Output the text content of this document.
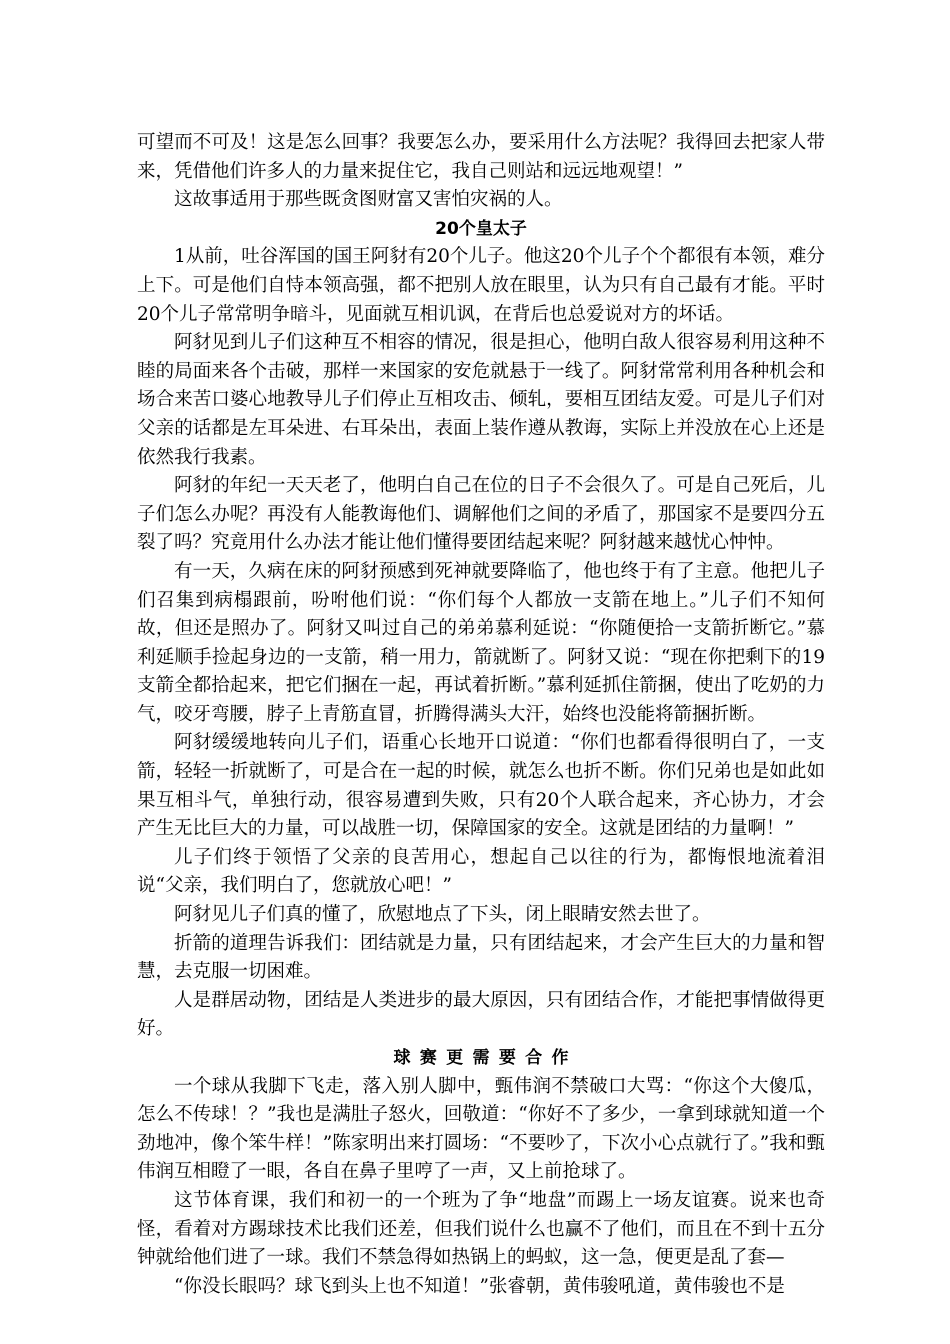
可望而不可及！这是怎么回事？我要怎么办，要采用什么方法呢？我得回去把家人带来，凭借他们许多人的力量来捉住它，我自己则站和远远地观望！”

这故事适用于那些既贪图财富又害怕灾祸的人。

20个皇太子

1从前，吐谷浑国的国王阿豺有20个儿子。他这20个儿子个个都很有本领，难分上下。可是他们自恃本领高强，都不把别人放在眼里，认为只有自己最有才能。平时20个儿子常常明争暗斗，见面就互相讥讽，在背后也总爱说对方的坏话。

阿豺见到儿子们这种互不相容的情况，很是担心，他明白敌人很容易利用这种不睦的局面来各个击破，那样一来国家的安危就悬于一线了。阿豺常常利用各种机会和场合来苦口婆心地教导儿子们停止互相攻击、倾轧，要相互团结友爱。可是儿子们对父亲的话都是左耳朵进、右耳朵出，表面上装作遵从教诲，实际上并没放在心上还是依然我行我素。

阿豺的年纪一天天老了，他明白自己在位的日子不会很久了。可是自己死后，儿子们怎么办呢？再没有人能教诲他们、调解他们之间的矛盾了，那国家不是要四分五裂了吗？究竟用什么办法才能让他们懂得要团结起来呢？阿豺越来越忧心忡忡。

有一天，久病在床的阿豺预感到死神就要降临了，他也终于有了主意。他把儿子们召集到病榻跟前，吩咐他们说：“你们每个人都放一支箭在地上。”儿子们不知何故，但还是照办了。阿豺又叫过自己的弟弟慕利延说：“你随便拾一支箭折断它。”慕利延顺手捡起身边的一支箭，稍一用力，箭就断了。阿豺又说：“现在你把剩下的19支箭全都拾起来，把它们捆在一起，再试着折断。”慕利延抓住箭捆，使出了吃奶的力气，咬牙弯腰，脖子上青筋直冒，折腾得满头大汗，始终也没能将箭捆折断。

阿豺缓缓地转向儿子们，语重心长地开口说道：“你们也都看得很明白了，一支箭，轻轻一折就断了，可是合在一起的时候，就怎么也折不断。你们兄弟也是如此如果互相斗气，单独行动，很容易遭到失败，只有20个人联合起来，齐心协力，才会产生无比巨大的力量，可以战胜一切，保障国家的安全。这就是团结的力量啊！”

儿子们终于领悟了父亲的良苦用心，想起自己以往的行为，都悔恨地流着泪说“父亲，我们明白了，您就放心吧！”

阿豺见儿子们真的懂了，欣慰地点了下头，闭上眼睛安然去世了。

折箭的道理告诉我们：团结就是力量，只有团结起来，才会产生巨大的力量和智慧，去克服一切困难。

人是群居动物，团结是人类进步的最大原因，只有团结合作，才能把事情做得更好。

球赛更需要合作

一个球从我脚下飞走，落入别人脚中，甄伟润不禁破口大骂：“你这个大傻瓜，怎么不传球！？”我也是满肚子怒火，回敬道：“你好不了多少，一拿到球就知道一个劲地冲，像个笨牛样！”陈家明出来打圆场：“不要吵了，下次小心点就行了。”我和甄伟润互相瞪了一眼，各自在鼻子里哼了一声，又上前抢球了。

这节体育课，我们和初一的一个班为了争“地盘”而踢上一场友谊赛。说来也奇怪，看着对方踢球技术比我们还差，但我们说什么也赢不了他们，而且在不到十五分钟就给他们进了一球。我们不禁急得如热锅上的蚂蚁，这一急，便更是乱了套—

“你没长眼吗？球飞到头上也不知道！”张睿朝，黄伟骏吼道，黄伟骏也不是
